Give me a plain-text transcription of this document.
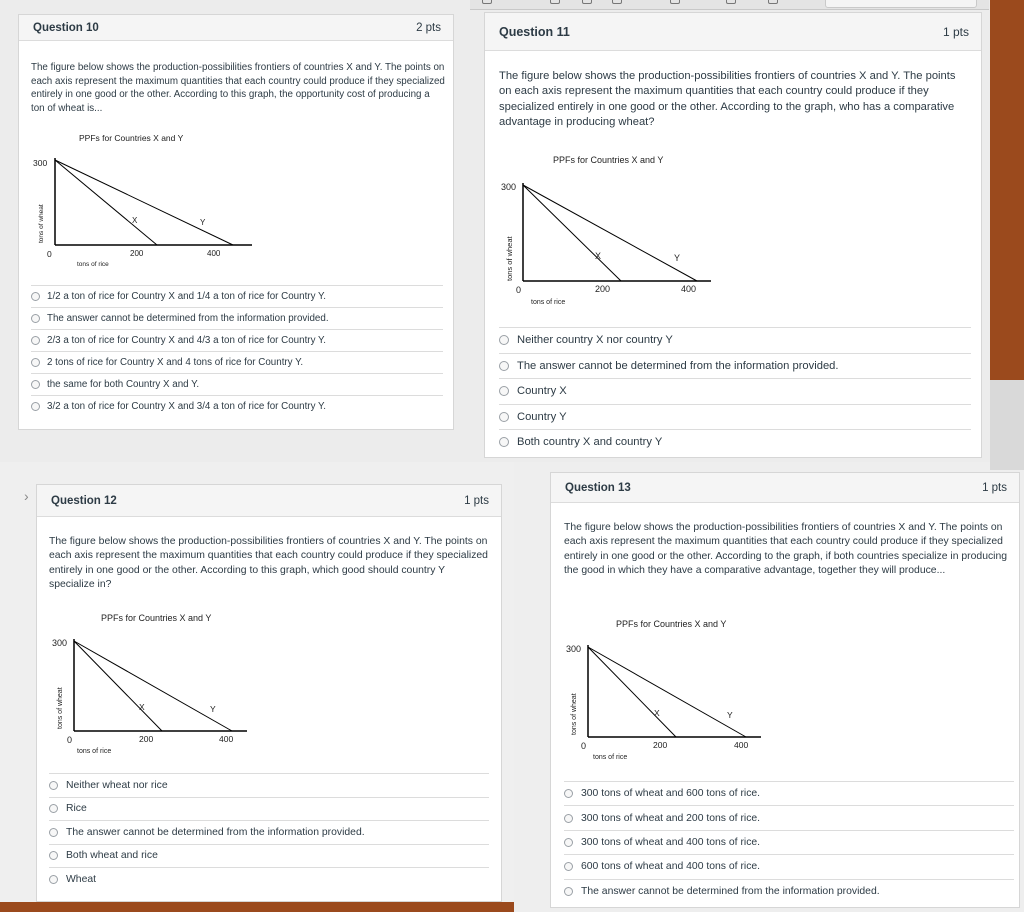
›
Question 10	2 pts
The figure below shows the production-possibilities frontiers of countries X and Y. The points on each axis represent the maximum quantities that each country could produce if they specialized entirely in one good or the other. According to this graph, the opportunity cost of producing a ton of wheat is...
PPFs for Countries X and Y
300
tons of wheat	X	Y
0	200	400
tons of rice
1/2 a ton of rice for Country X and 1/4 a ton of rice for Country Y.
The answer cannot be determined from the information provided.
2/3 a ton of rice for Country X and 4/3 a ton of rice for Country Y.
2 tons of rice for Country X and 4 tons of rice for Country Y.
the same for both Country X and Y.
3/2 a ton of rice for Country X and 3/4 a ton of rice for Country Y.
Question 11	1 pts
The figure below shows the production-possibilities frontiers of countries X and Y. The points on each axis represent the maximum quantities that each country could produce if they specialized entirely in one good or the other. According to the graph, who has a comparative advantage in producing wheat?
PPFs for Countries X and Y
300
tons of wheat	X	Y
0	200	400
tons of rice
Neither country X nor country Y
The answer cannot be determined from the information provided.
Country X
Country Y
Both country X and country Y
Question 12	1 pts
The figure below shows the production-possibilities frontiers of countries X and Y. The points on each axis represent the maximum quantities that each country could produce if they specialized entirely in one good or the other. According to this graph, which good should country Y specialize in?
PPFs for Countries X and Y
300
tons of wheat	X	Y
0	200	400
tons of rice
Neither wheat nor rice
Rice
The answer cannot be determined from the information provided.
Both wheat and rice
Wheat
Question 13	1 pts
The figure below shows the production-possibilities frontiers of countries X and Y. The points on each axis represent the maximum quantities that each country could produce if they specialized entirely in one good or the other. According to the graph, if both countries specialize in producing the good in which they have a comparative advantage, together they will produce...
PPFs for Countries X and Y
300
tons of wheat	X	Y
0	200	400
tons of rice
300 tons of wheat and 600 tons of rice.
300 tons of wheat and 200 tons of rice.
300 tons of wheat and 400 tons of rice.
600 tons of wheat and 400 tons of rice.
The answer cannot be determined from the information provided.
